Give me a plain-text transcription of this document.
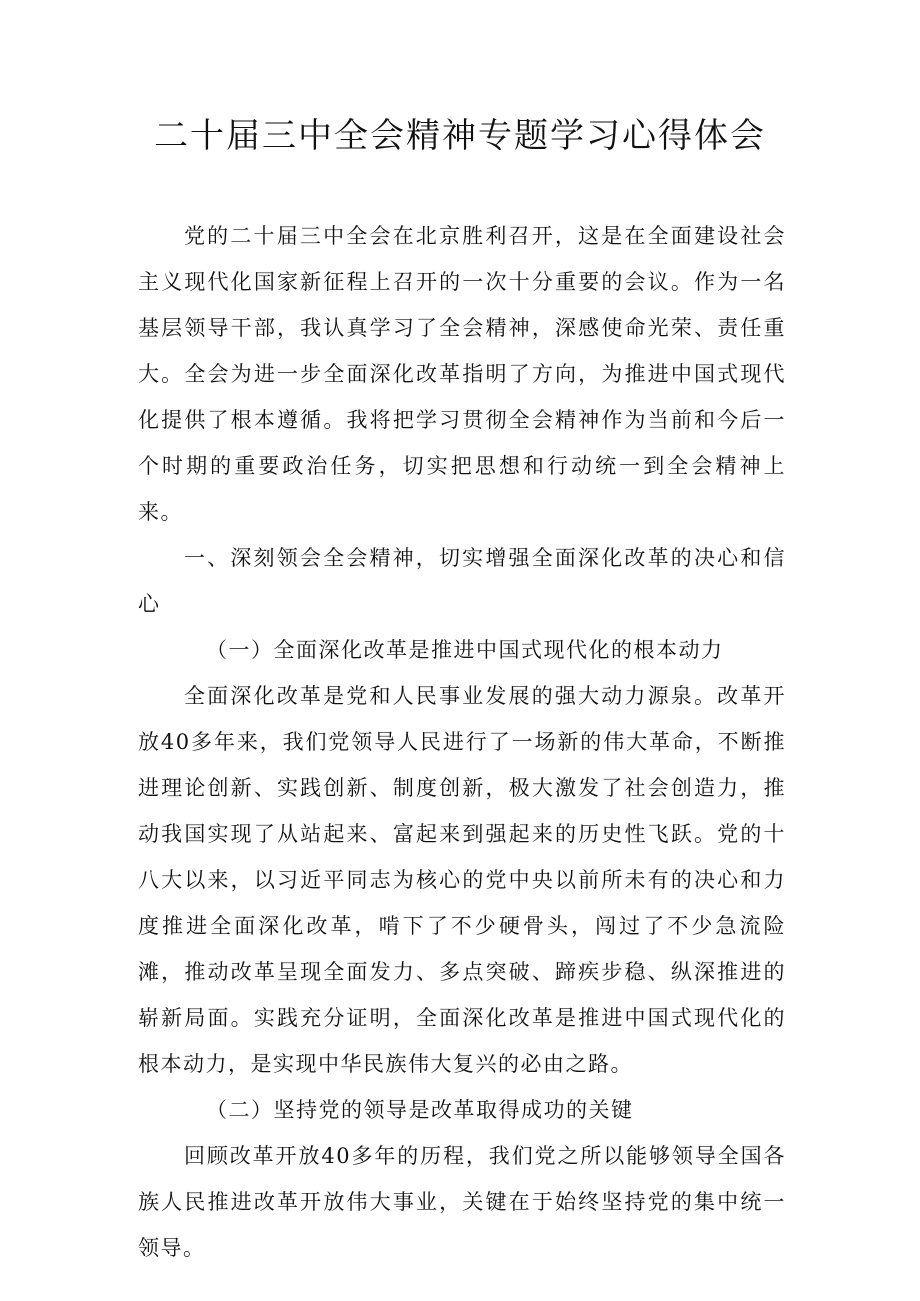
二十届三中全会精神专题学习心得体会

党的二十届三中全会在北京胜利召开，这是在全面建设社会主义现代化国家新征程上召开的一次十分重要的会议。作为一名基层领导干部，我认真学习了全会精神，深感使命光荣、责任重大。全会为进一步全面深化改革指明了方向，为推进中国式现代化提供了根本遵循。我将把学习贯彻全会精神作为当前和今后一个时期的重要政治任务，切实把思想和行动统一到全会精神上来。

一、深刻领会全会精神，切实增强全面深化改革的决心和信心

（一）全面深化改革是推进中国式现代化的根本动力

全面深化改革是党和人民事业发展的强大动力源泉。改革开放40多年来，我们党领导人民进行了一场新的伟大革命，不断推进理论创新、实践创新、制度创新，极大激发了社会创造力，推动我国实现了从站起来、富起来到强起来的历史性飞跃。党的十八大以来，以习近平同志为核心的党中央以前所未有的决心和力度推进全面深化改革，啃下了不少硬骨头，闯过了不少急流险滩，推动改革呈现全面发力、多点突破、蹄疾步稳、纵深推进的崭新局面。实践充分证明，全面深化改革是推进中国式现代化的根本动力，是实现中华民族伟大复兴的必由之路。

（二）坚持党的领导是改革取得成功的关键

回顾改革开放40多年的历程，我们党之所以能够领导全国各族人民推进改革开放伟大事业，关键在于始终坚持党的集中统一领导。
